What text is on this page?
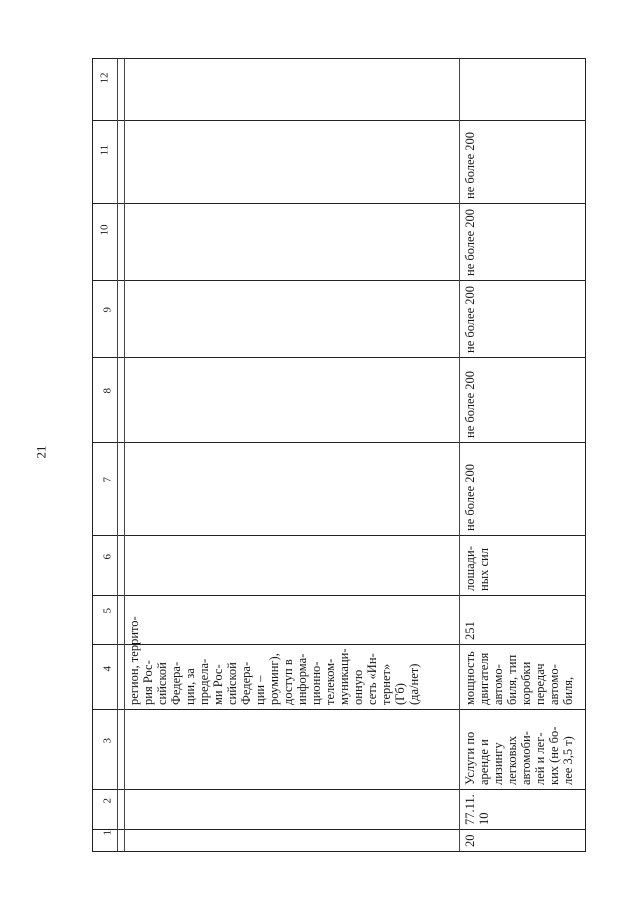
21
1
2
3
4
5
6
7
8
9
10
11
12
регион, террито-
рия Рос-
сийской
Федера-
ции, за
предела-
ми Рос-
сийской
Федера-
ции –
роуминг),
доступ в
информа-
ционно-
телеком-
муникаци-
онную
сеть «Ин-
тернет»
(Гб)
(да/нет)
20
77.11.
10
Услуги по
аренде и
лизингу
легковых
автомоби-
лей и лег-
ких (не бо-
лее 3,5 т)
мощность
двигателя
автомо-
биля, тип
коробки
передач
автомо-
биля,
251
лошади-
ных сил
не более 200
не более 200
не более 200
не более 200
не более 200
